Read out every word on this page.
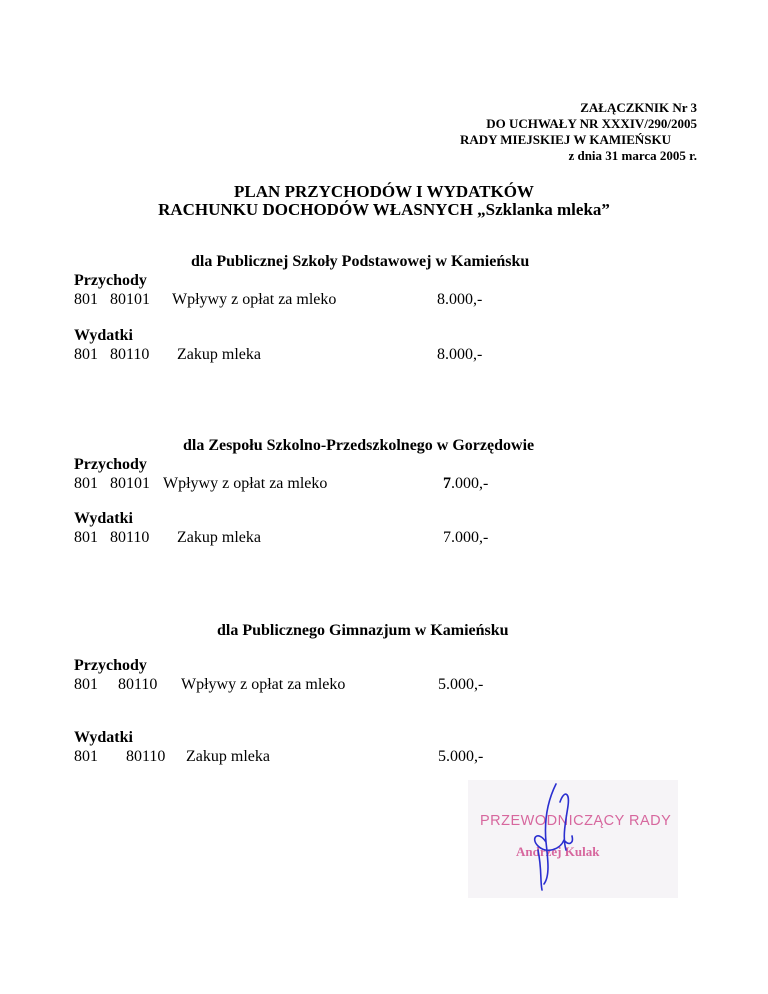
ZAŁĄCZKNIK Nr 3
DO UCHWAŁY NR XXXIV/290/2005
RADY MIEJSKIEJ W KAMIEŃSKU
z dnia 31 marca 2005 r.
PLAN PRZYCHODÓW I WYDATKÓW
RACHUNKU DOCHODÓW WŁASNYCH „Szklanka mleka”
dla Publicznej Szkoły Podstawowej w Kamieńsku
Przychody
801 80101 Wpływy z opłat za mleko	8.000,-
Wydatki
801 80110 Zakup mleka	8.000,-
dla Zespołu Szkolno-Przedszkolnego w Gorzędowie
Przychody
801 80101 Wpływy z opłat za mleko	7.000,-
Wydatki
801 80110 Zakup mleka	7.000,-
dla Publicznego Gimnazjum w Kamieńsku
Przychody
801 80110 Wpływy z opłat za mleko	5.000,-
Wydatki
801 80110 Zakup mleka	5.000,-
PRZEWODNICZĄCY RADY
Andrzej Kulak
